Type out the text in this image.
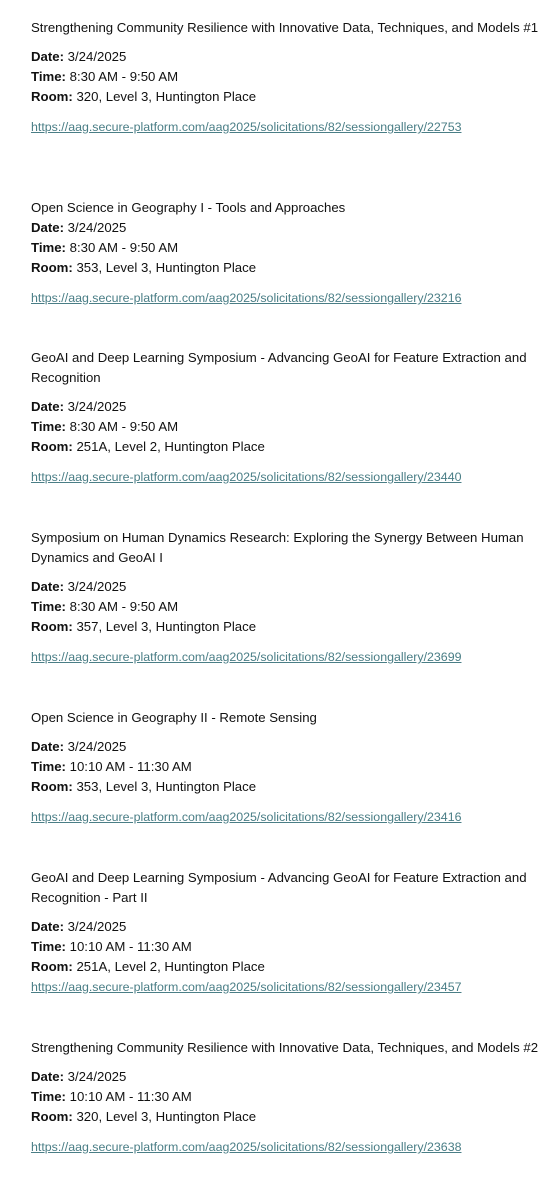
Strengthening Community Resilience with Innovative Data, Techniques, and Models #1

Date: 3/24/2025

Time: 8:30 AM - 9:50 AM

Room: 320, Level 3, Huntington Place

https://aag.secure-platform.com/aag2025/solicitations/82/sessiongallery/22753

Open Science in Geography I - Tools and Approaches

Date: 3/24/2025

Time: 8:30 AM - 9:50 AM

Room: 353, Level 3, Huntington Place

https://aag.secure-platform.com/aag2025/solicitations/82/sessiongallery/23216

GeoAI and Deep Learning Symposium - Advancing GeoAI for Feature Extraction and Recognition

Date: 3/24/2025

Time: 8:30 AM - 9:50 AM

Room: 251A, Level 2, Huntington Place

https://aag.secure-platform.com/aag2025/solicitations/82/sessiongallery/23440

Symposium on Human Dynamics Research: Exploring the Synergy Between Human Dynamics and GeoAI I

Date: 3/24/2025

Time: 8:30 AM - 9:50 AM

Room: 357, Level 3, Huntington Place

https://aag.secure-platform.com/aag2025/solicitations/82/sessiongallery/23699

Open Science in Geography II - Remote Sensing

Date: 3/24/2025

Time: 10:10 AM - 11:30 AM

Room: 353, Level 3, Huntington Place

https://aag.secure-platform.com/aag2025/solicitations/82/sessiongallery/23416

GeoAI and Deep Learning Symposium - Advancing GeoAI for Feature Extraction and Recognition - Part II

Date: 3/24/2025

Time: 10:10 AM - 11:30 AM

Room: 251A, Level 2, Huntington Place

https://aag.secure-platform.com/aag2025/solicitations/82/sessiongallery/23457

Strengthening Community Resilience with Innovative Data, Techniques, and Models #2

Date: 3/24/2025

Time: 10:10 AM - 11:30 AM

Room: 320, Level 3, Huntington Place

https://aag.secure-platform.com/aag2025/solicitations/82/sessiongallery/23638
